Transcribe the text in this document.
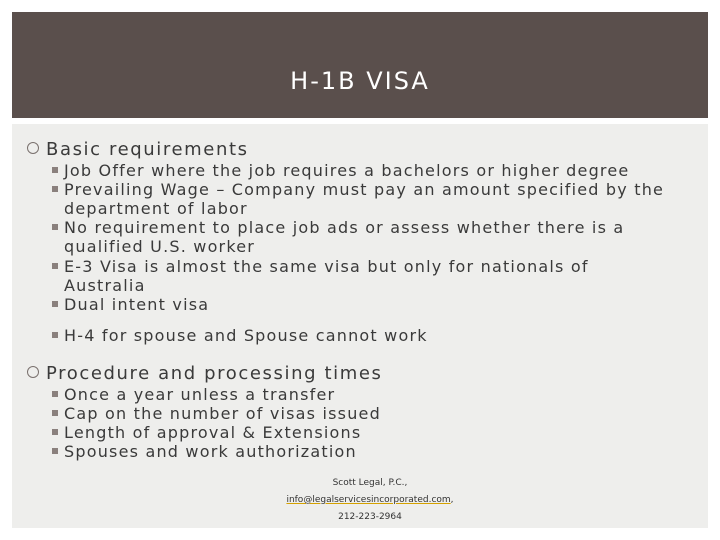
H-1B VISA
Basic requirements
Job Offer where the job requires a bachelors or higher degree
Prevailing Wage – Company must pay an amount specified by the department of labor
No requirement to place job ads or assess whether there is a qualified U.S. worker
E-3 Visa is almost the same visa but only for nationals of Australia
Dual intent visa
H-4 for spouse and Spouse cannot work
Procedure and processing times
Once a year unless a transfer
Cap on the number of visas issued
Length of approval & Extensions
Spouses and work authorization
Scott Legal, P.C.,
info@legalservicesincorporated.com,
212-223-2964
